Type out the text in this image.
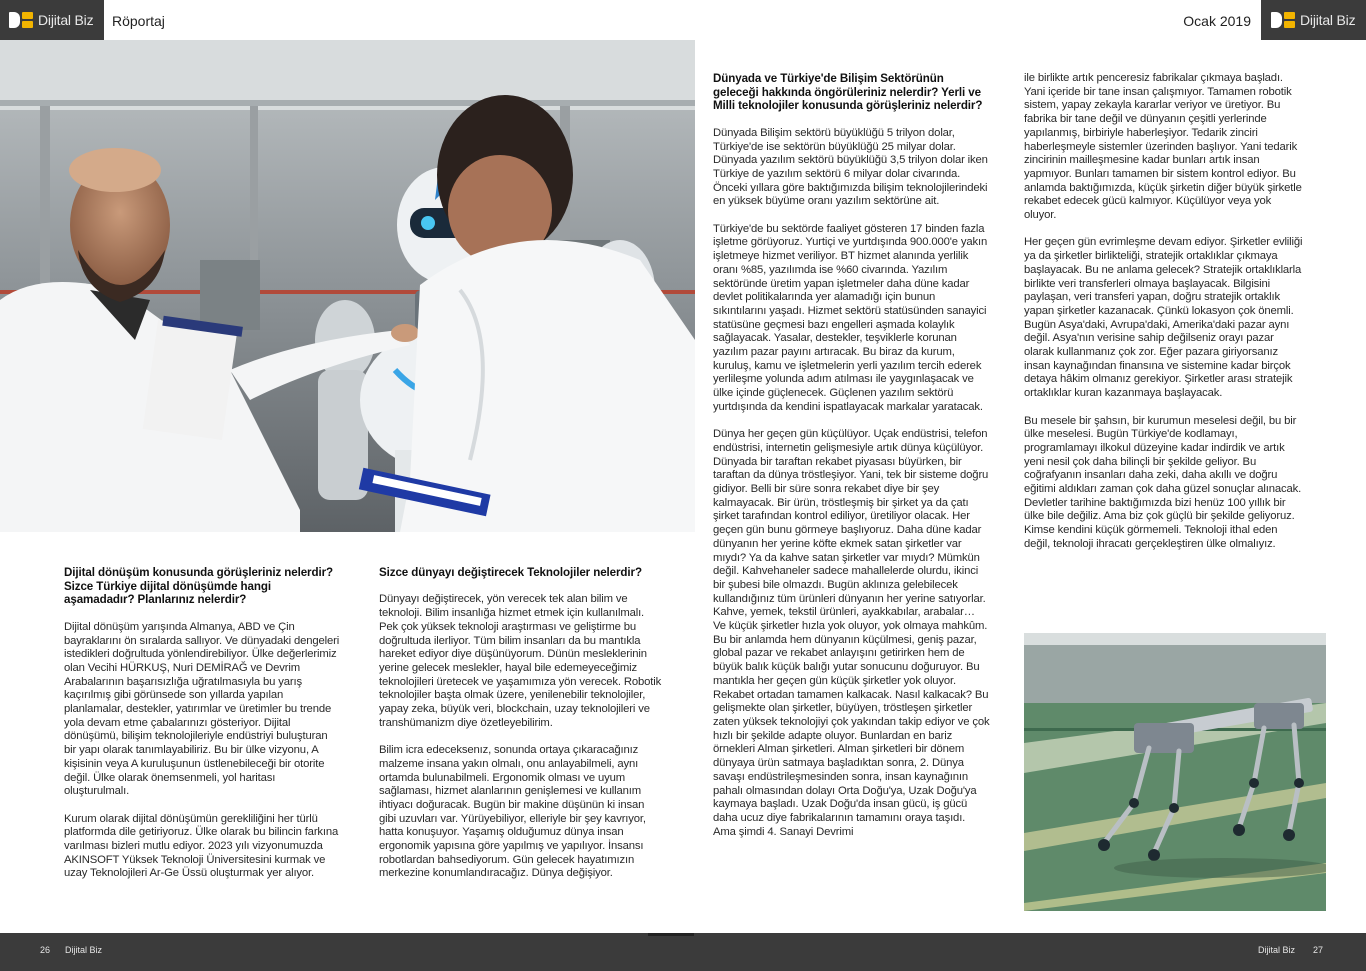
Dijital Biz Röportaj	Ocak 2019	Dijital Biz
Dijital dönüşüm konusunda görüşleriniz nelerdir? Sizce Türkiye dijital dönüşümde hangi aşamadadır? Planlarınız nelerdir?

Dijital dönüşüm yarışında Almanya, ABD ve Çin bayraklarını ön sıralarda sallıyor. Ve dünyadaki dengeleri istedikleri doğrultuda yönlendirebiliyor. Ülke değerlerimiz olan Vecihi HÜRKUŞ, Nuri DEMİRAĞ ve Devrim Arabalarının başarısızlığa uğratılmasıyla bu yarış kaçırılmış gibi görünsede son yıllarda yapılan planlamalar, destekler, yatırımlar ve üretimler bu trende yola devam etme çabalarınızı gösteriyor. Dijital dönüşümü, bilişim teknolojileriyle endüstriyi buluşturan bir yapı olarak tanımlayabiliriz. Bu bir ülke vizyonu, A kişisinin veya A kuruluşunun üstlenebileceği bir otorite değil. Ülke olarak önemsenmeli, yol haritası oluşturulmalı.

Kurum olarak dijital dönüşümün gerekliliğini her türlü platformda dile getiriyoruz. Ülke olarak bu bilincin farkına varılması bizleri mutlu ediyor. 2023 yılı vizyonumuzda AKINSOFT Yüksek Teknoloji Üniversitesini kurmak ve uzay Teknolojileri Ar-Ge Üssü oluşturmak yer alıyor.

Sizce dünyayı değiştirecek Teknolojiler nelerdir?

Dünyayı değiştirecek, yön verecek tek alan bilim ve teknoloji. Bilim insanlığa hizmet etmek için kullanılmalı. Pek çok yüksek teknoloji araştırması ve geliştirme bu doğrultuda ilerliyor. Tüm bilim insanları da bu mantıkla hareket ediyor diye düşünüyorum. Dünün mesleklerinin yerine gelecek meslekler, hayal bile edemeyeceğimiz teknolojileri üretecek ve yaşamımıza yön verecek. Robotik teknolojiler başta olmak üzere, yenilenebilir teknolojiler, yapay zeka, büyük veri, blockchain, uzay teknolojileri ve transhümanizm diye özetleyebilirim.

Bilim icra edeceksenız, sonunda ortaya çıkaracağınız malzeme insana yakın olmalı, onu anlayabilmeli, aynı ortamda bulunabilmeli. Ergonomik olması ve uyum sağlaması, hizmet alanlarının genişlemesi ve kullanım ihtiyacı doğuracak. Bugün bir makine düşünün ki insan gibi uzuvları var. Yürüyebiliyor, elleriyle bir şey kavrıyor, hatta konuşuyor. Yaşamış olduğumuz dünya insan ergonomik yapısına göre yapılmış ve yapılıyor. İnsansı robotlardan bahsediyorum. Gün gelecek hayatımızın merkezine konumlandıracağız. Dünya değişiyor.

Dünyada ve Türkiye'de Bilişim Sektörünün geleceği hakkında öngörüleriniz nelerdir? Yerli ve Milli teknolojiler konusunda görüşleriniz nelerdir?

Dünyada Bilişim sektörü büyüklüğü 5 trilyon dolar, Türkiye'de ise sektörün büyüklüğü 25 milyar dolar. Dünyada yazılım sektörü büyüklüğü 3,5 trilyon dolar iken Türkiye de yazılım sektörü 6 milyar dolar civarında. Önceki yıllara göre baktığımızda bilişim teknolojilerindeki en yüksek büyüme oranı yazılım sektörüne ait.

Türkiye'de bu sektörde faaliyet gösteren 17 binden fazla işletme görüyoruz. Yurtiçi ve yurtdışında 900.000'e yakın işletmeye hizmet veriliyor. BT hizmet alanında yerlilik oranı %85, yazılımda ise %60 civarında. Yazılım sektöründe üretim yapan işletmeler daha düne kadar devlet politikalarında yer alamadığı için bunun sıkıntılarını yaşadı. Hizmet sektörü statüsünden sanayici statüsüne geçmesi bazı engelleri aşmada kolaylık sağlayacak. Yasalar, destekler, teşviklerle korunan yazılım pazar payını artıracak. Bu biraz da kurum, kuruluş, kamu ve işletmelerin yerli yazılım tercih ederek yerlileşme yolunda adım atılması ile yaygınlaşacak ve ülke içinde güçlenecek. Güçlenen yazılım sektörü yurtdışında da kendini ispatlayacak markalar yaratacak.

Dünya her geçen gün küçülüyor. Uçak endüstrisi, telefon endüstrisi, internetin gelişmesiyle artık dünya küçülüyor. Dünyada bir taraftan rekabet piyasası büyürken, bir taraftan da dünya tröstleşiyor. Yani, tek bir sisteme doğru gidiyor. Belli bir süre sonra rekabet diye bir şey kalmayacak. Bir ürün, tröstleşmiş bir şirket ya da çatı şirket tarafından kontrol ediliyor, üretiliyor olacak. Her geçen gün bunu görmeye başlıyoruz. Daha düne kadar dünyanın her yerine köfte ekmek satan şirketler var mıydı? Ya da kahve satan şirketler var mıydı? Mümkün değil. Kahvehaneler sadece mahallelerde olurdu, ikinci bir şubesi bile olmazdı. Bugün aklınıza gelebilecek kullandığınız tüm ürünleri dünyanın her yerine satıyorlar. Kahve, yemek, tekstil ürünleri, ayakkabılar, arabalar… Ve küçük şirketler hızla yok oluyor, yok olmaya mahkûm. Bu bir anlamda hem dünyanın küçülmesi, geniş pazar, global pazar ve rekabet anlayışını getirirken hem de büyük balık küçük balığı yutar sonucunu doğuruyor. Bu mantıkla her geçen gün küçük şirketler yok oluyor. Rekabet ortadan tamamen kalkacak. Nasıl kalkacak? Bu gelişmekte olan şirketler, büyüyen, tröstleşen şirketler zaten yüksek teknolojiyi çok yakından takip ediyor ve çok hızlı bir şekilde adapte oluyor. Bunlardan en bariz örnekleri Alman şirketleri. Alman şirketleri bir dönem dünyaya ürün satmaya başladıktan sonra, 2. Dünya savaşı endüstrileşmesinden sonra, insan kaynağının pahalı olmasından dolayı Orta Doğu'ya, Uzak Doğu'ya kaymaya başladı. Uzak Doğu'da insan gücü, iş gücü daha ucuz diye fabrikalarının tamamını oraya taşıdı. Ama şimdi 4. Sanayi Devrimi

ile birlikte artık penceresiz fabrikalar çıkmaya başladı. Yani içeride bir tane insan çalışmıyor. Tamamen robotik sistem, yapay zekayla kararlar veriyor ve üretiyor. Bu fabrika bir tane değil ve dünyanın çeşitli yerlerinde yapılanmış, birbiriyle haberleşiyor. Tedarik zinciri haberleşmeyle sistemler üzerinden başlıyor. Yani tedarik zincirinin mailleşmesine kadar bunları artık insan yapmıyor. Bunları tamamen bir sistem kontrol ediyor. Bu anlamda baktığımızda, küçük şirketin diğer büyük şirketle rekabet edecek gücü kalmıyor. Küçülüyor veya yok oluyor.

Her geçen gün evrimleşme devam ediyor. Şirketler evliliği ya da şirketler birlikteliği, stratejik ortaklıklar çıkmaya başlayacak. Bu ne anlama gelecek? Stratejik ortaklıklarla birlikte veri transferleri olmaya başlayacak. Bilgisini paylaşan, veri transferi yapan, doğru stratejik ortaklık yapan şirketler kazanacak. Çünkü lokasyon çok önemli. Bugün Asya'daki, Avrupa'daki, Amerika'daki pazar aynı değil. Asya'nın verisine sahip değilseniz orayı pazar olarak kullanmanız çok zor. Eğer pazara giriyorsanız insan kaynağından finansına ve sistemine kadar birçok detaya hâkim olmanız gerekiyor. Şirketler arası stratejik ortaklıklar kuran kazanmaya başlayacak.

Bu mesele bir şahsın, bir kurumun meselesi değil, bu bir ülke meselesi. Bugün Türkiye'de kodlamayı, programlamayı ilkokul düzeyine kadar indirdik ve artık yeni nesil çok daha bilinçli bir şekilde geliyor. Bu coğrafyanın insanları daha zeki, daha akıllı ve doğru eğitimi aldıkları zaman çok daha güzel sonuçlar alınacak. Devletler tarihine baktığımızda bizi henüz 100 yıllık bir ülke bile değiliz. Ama biz çok güçlü bir şekilde geliyoruz. Kimse kendini küçük görmemeli. Teknoloji ithal eden değil, teknoloji ihracatı gerçekleştiren ülke olmalıyız.

26 Dijital Biz	Dijital Biz 27
